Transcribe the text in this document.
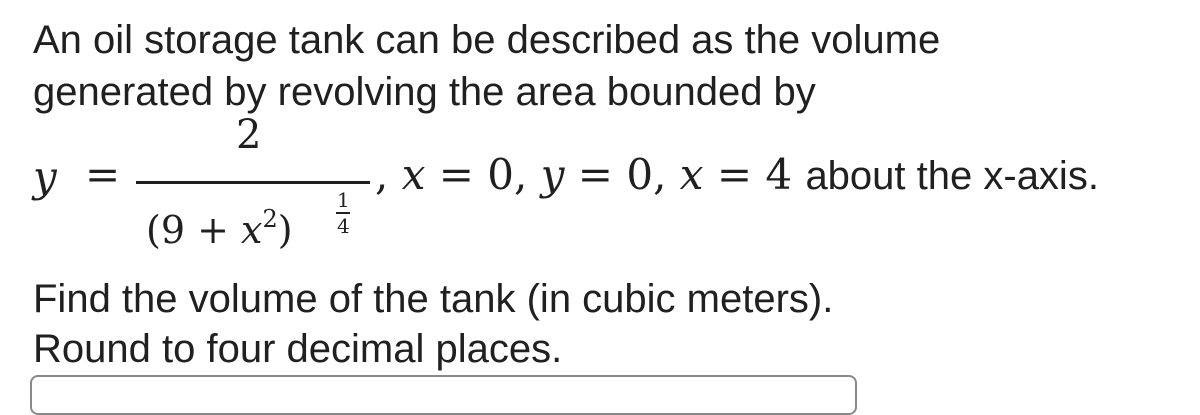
An oil storage tank can be described as the volume
generated by revolving the area bounded by
y =
2
$(9 + x^2)$
1
4
, x = 0, y = 0, x = 4 about the x-axis.
Find the volume of the tank (in cubic meters).
Round to four decimal places.
